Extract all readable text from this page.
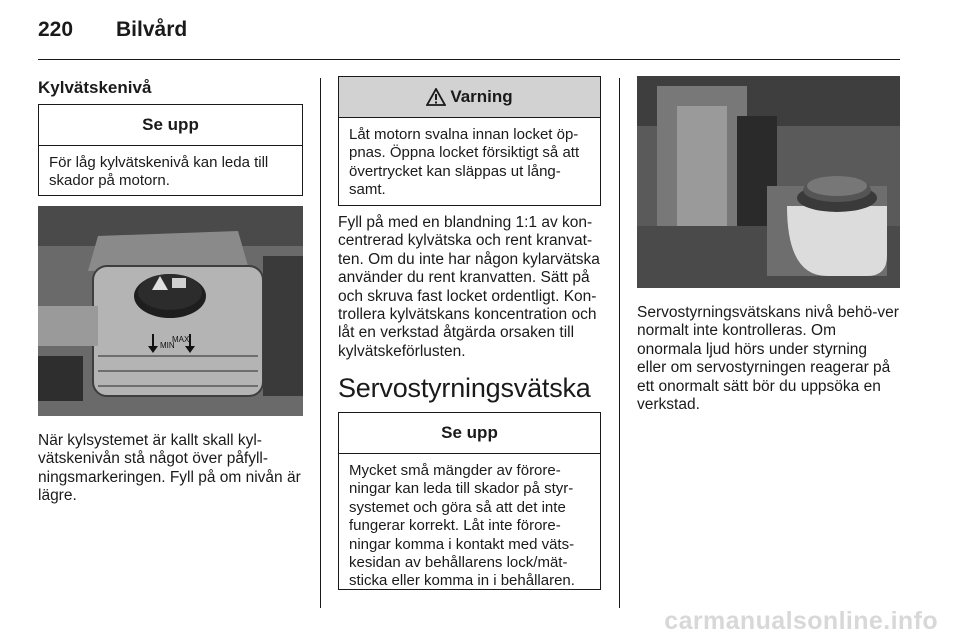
220 Bilvård
Kylvätskenivå
Se upp
För låg kylvätskenivå kan leda till skador på motorn.
MIN
MAX

När kylsystemet är kallt skall kyl-vätskenivån stå något över påfyll-ningsmarkeringen. Fyll på om nivån är lägre.

Varning
Låt motorn svalna innan locket öp-pnas. Öppna locket försiktigt så att övertrycket kan släppas ut lång-samt.

Fyll på med en blandning 1:1 av kon-centrerad kylvätska och rent kranvat-ten. Om du inte har någon kylarvätska använder du rent kranvatten. Sätt på och skruva fast locket ordentligt. Kon-trollera kylvätskans koncentration och låt en verkstad åtgärda orsaken till kylvätskeförlusten.

Servostyrningsvätska
Se upp
Mycket små mängder av förore-ningar kan leda till skador på styr-systemet och göra så att det inte fungerar korrekt. Låt inte förore-ningar komma i kontakt med väts-kesidan av behållarens lock/mät-sticka eller komma in i behållaren.

Servostyrningsvätskans nivå behö-ver normalt inte kontrolleras. Om onormala ljud hörs under styrning eller om servostyrningen reagerar på ett onormalt sätt bör du uppsöka en verkstad.

carmanualsonline.info
